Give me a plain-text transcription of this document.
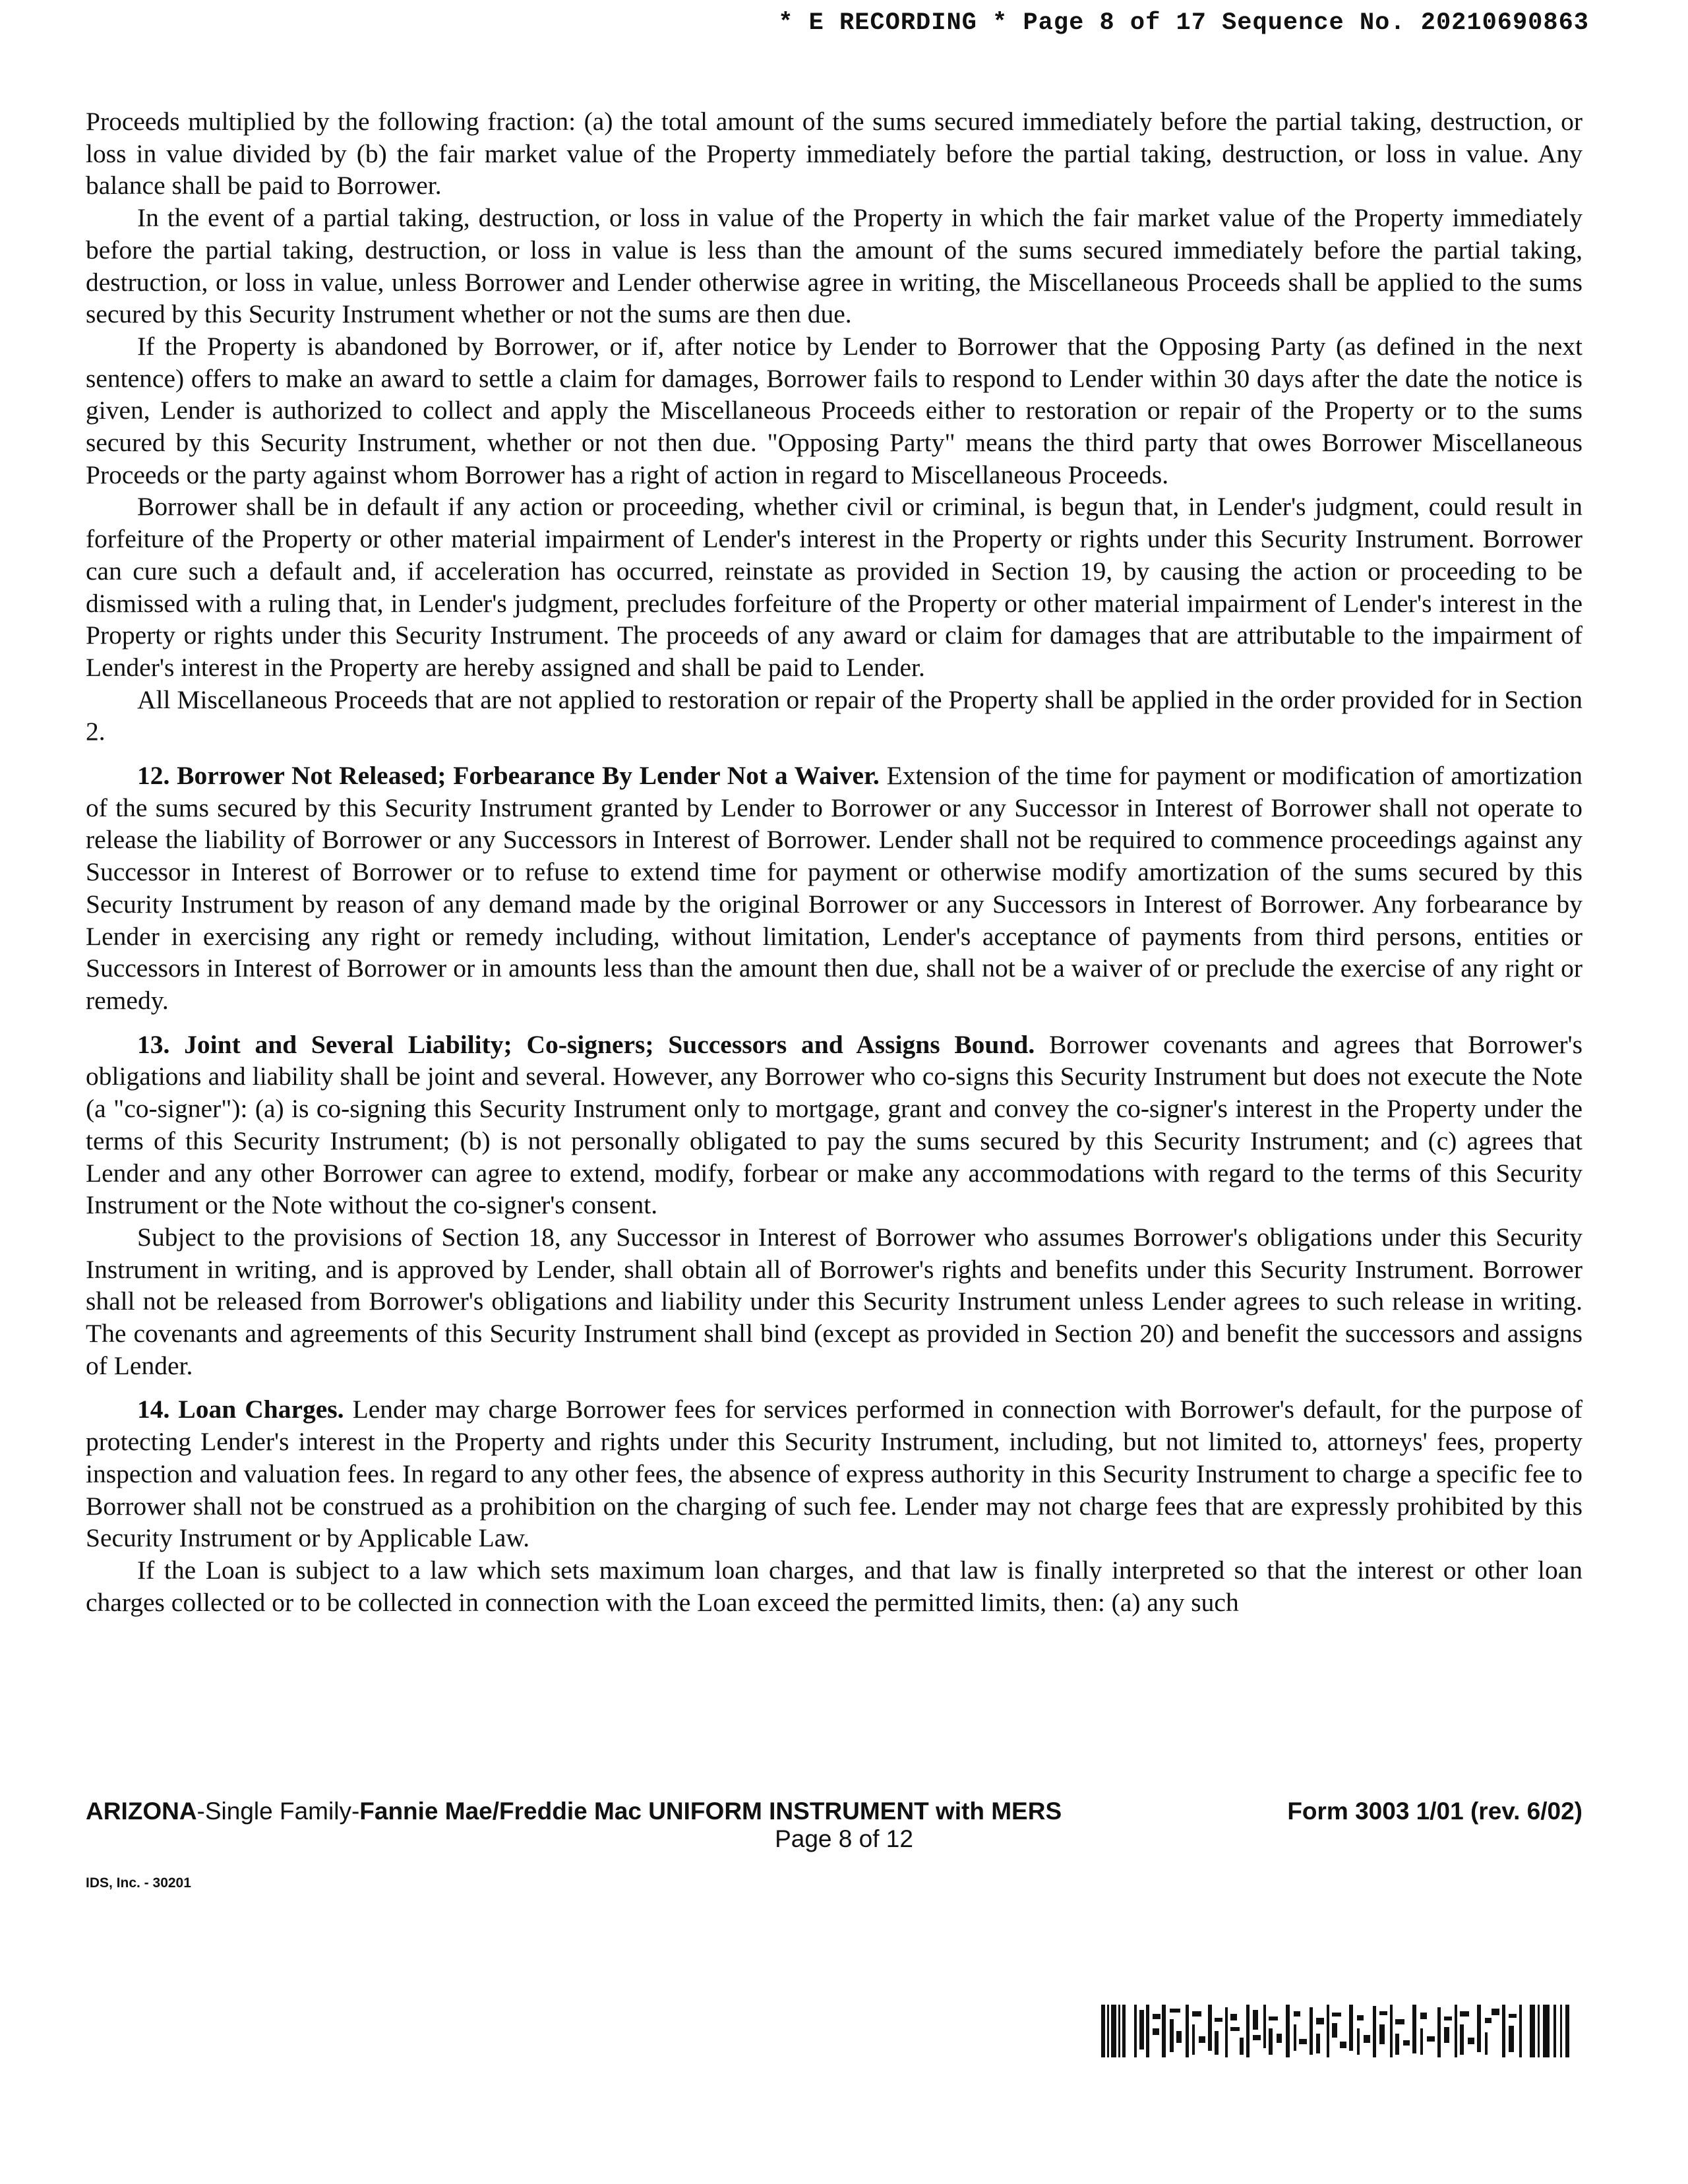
* E RECORDING * Page 8 of 17 Sequence No. 20210690863

Proceeds multiplied by the following fraction: (a) the total amount of the sums secured immediately before the partial taking, destruction, or loss in value divided by (b) the fair market value of the Property immediately before the partial taking, destruction, or loss in value. Any balance shall be paid to Borrower.

In the event of a partial taking, destruction, or loss in value of the Property in which the fair market value of the Property immediately before the partial taking, destruction, or loss in value is less than the amount of the sums secured immediately before the partial taking, destruction, or loss in value, unless Borrower and Lender otherwise agree in writing, the Miscellaneous Proceeds shall be applied to the sums secured by this Security Instrument whether or not the sums are then due.

If the Property is abandoned by Borrower, or if, after notice by Lender to Borrower that the Opposing Party (as defined in the next sentence) offers to make an award to settle a claim for damages, Borrower fails to respond to Lender within 30 days after the date the notice is given, Lender is authorized to collect and apply the Miscellaneous Proceeds either to restoration or repair of the Property or to the sums secured by this Security Instrument, whether or not then due. "Opposing Party" means the third party that owes Borrower Miscellaneous Proceeds or the party against whom Borrower has a right of action in regard to Miscellaneous Proceeds.

Borrower shall be in default if any action or proceeding, whether civil or criminal, is begun that, in Lender's judgment, could result in forfeiture of the Property or other material impairment of Lender's interest in the Property or rights under this Security Instrument. Borrower can cure such a default and, if acceleration has occurred, reinstate as provided in Section 19, by causing the action or proceeding to be dismissed with a ruling that, in Lender's judgment, precludes forfeiture of the Property or other material impairment of Lender's interest in the Property or rights under this Security Instrument. The proceeds of any award or claim for damages that are attributable to the impairment of Lender's interest in the Property are hereby assigned and shall be paid to Lender.

All Miscellaneous Proceeds that are not applied to restoration or repair of the Property shall be applied in the order provided for in Section 2.

12. Borrower Not Released; Forbearance By Lender Not a Waiver. Extension of the time for payment or modification of amortization of the sums secured by this Security Instrument granted by Lender to Borrower or any Successor in Interest of Borrower shall not operate to release the liability of Borrower or any Successors in Interest of Borrower. Lender shall not be required to commence proceedings against any Successor in Interest of Borrower or to refuse to extend time for payment or otherwise modify amortization of the sums secured by this Security Instrument by reason of any demand made by the original Borrower or any Successors in Interest of Borrower. Any forbearance by Lender in exercising any right or remedy including, without limitation, Lender's acceptance of payments from third persons, entities or Successors in Interest of Borrower or in amounts less than the amount then due, shall not be a waiver of or preclude the exercise of any right or remedy.

13. Joint and Several Liability; Co-signers; Successors and Assigns Bound. Borrower covenants and agrees that Borrower's obligations and liability shall be joint and several. However, any Borrower who co-signs this Security Instrument but does not execute the Note (a "co-signer"): (a) is co-signing this Security Instrument only to mortgage, grant and convey the co-signer's interest in the Property under the terms of this Security Instrument; (b) is not personally obligated to pay the sums secured by this Security Instrument; and (c) agrees that Lender and any other Borrower can agree to extend, modify, forbear or make any accommodations with regard to the terms of this Security Instrument or the Note without the co-signer's consent.

Subject to the provisions of Section 18, any Successor in Interest of Borrower who assumes Borrower's obligations under this Security Instrument in writing, and is approved by Lender, shall obtain all of Borrower's rights and benefits under this Security Instrument. Borrower shall not be released from Borrower's obligations and liability under this Security Instrument unless Lender agrees to such release in writing. The covenants and agreements of this Security Instrument shall bind (except as provided in Section 20) and benefit the successors and assigns of Lender.

14. Loan Charges. Lender may charge Borrower fees for services performed in connection with Borrower's default, for the purpose of protecting Lender's interest in the Property and rights under this Security Instrument, including, but not limited to, attorneys' fees, property inspection and valuation fees. In regard to any other fees, the absence of express authority in this Security Instrument to charge a specific fee to Borrower shall not be construed as a prohibition on the charging of such fee. Lender may not charge fees that are expressly prohibited by this Security Instrument or by Applicable Law.

If the Loan is subject to a law which sets maximum loan charges, and that law is finally interpreted so that the interest or other loan charges collected or to be collected in connection with the Loan exceed the permitted limits, then: (a) any such

ARIZONA-Single Family-Fannie Mae/Freddie Mac UNIFORM INSTRUMENT with MERS	Form 3003 1/01 (rev. 6/02)
Page 8 of 12
IDS, Inc. - 30201
